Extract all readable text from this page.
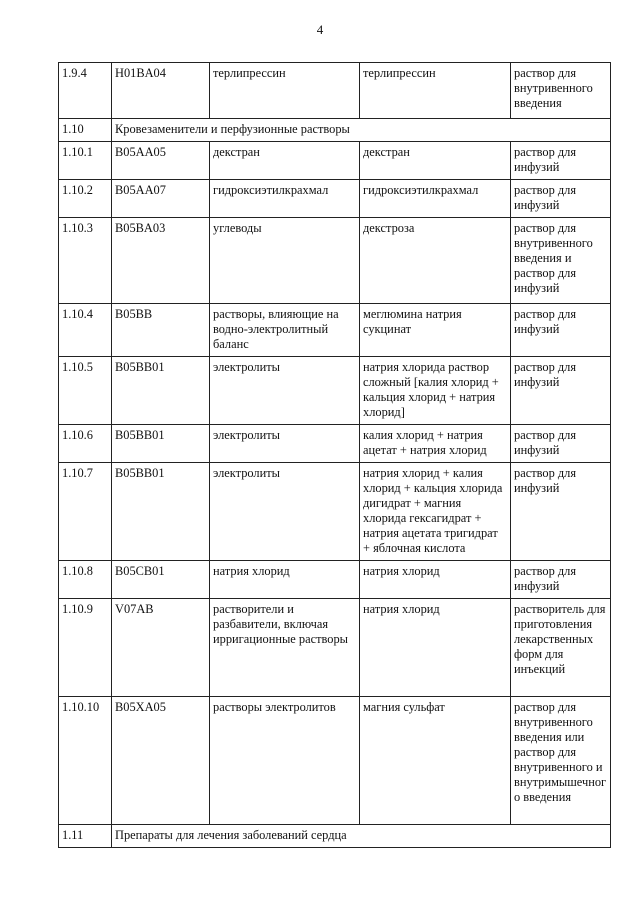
4
1.9.4	H01BA04	терлипрессин	терлипрессин	раствор для внутривенного введения
1.10	Кровезаменители и перфузионные растворы			
1.10.1	B05AA05	декстран	декстран	раствор для инфузий
1.10.2	B05AA07	гидроксиэтилкрахмал	гидроксиэтилкрахмал	раствор для инфузий
1.10.3	B05BA03	углеводы	декстроза	раствор для внутривенного введения и раствор для инфузий
1.10.4	B05BB	растворы, влияющие на водно-электролитный баланс	меглюмина натрия сукцинат	раствор для инфузий
1.10.5	B05BB01	электролиты	натрия хлорида раствор сложный [калия хлорид + кальция хлорид + натрия хлорид]	раствор для инфузий
1.10.6	B05BB01	электролиты	калия хлорид + натрия ацетат + натрия хлорид	раствор для инфузий
1.10.7	B05BB01	электролиты	натрия хлорид + калия хлорид + кальция хлорида дигидрат + магния хлорида гексагидрат + натрия ацетата тригидрат + яблочная кислота	раствор для инфузий
1.10.8	B05CB01	натрия хлорид	натрия хлорид	раствор для инфузий
1.10.9	V07AB	растворители и разбавители, включая ирригационные растворы	натрия хлорид	растворитель для приготовления лекарственных форм для инъекций
1.10.10	B05XA05	растворы электролитов	магния сульфат	раствор для внутривенного введения или раствор для внутривенного и внутримышечного введения
1.11	Препараты для лечения заболеваний сердца			
